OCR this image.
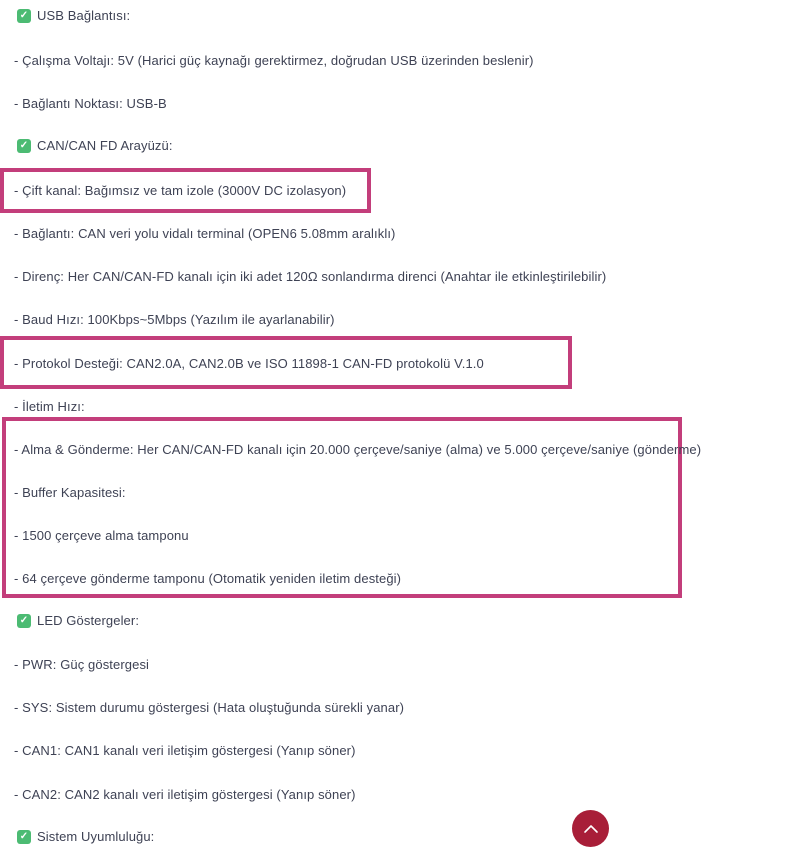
✓ USB Bağlantısı:
- Çalışma Voltajı: 5V (Harici güç kaynağı gerektirmez, doğrudan USB üzerinden beslenir)
- Bağlantı Noktası: USB-B
✓ CAN/CAN FD Arayüzü:
- Çift kanal: Bağımsız ve tam izole (3000V DC izolasyon)
- Bağlantı: CAN veri yolu vidalı terminal (OPEN6 5.08mm aralıklı)
- Direnç: Her CAN/CAN-FD kanalı için iki adet 120Ω sonlandırma direnci (Anahtar ile etkinleştirilebilir)
- Baud Hızı: 100Kbps~5Mbps (Yazılım ile ayarlanabilir)
- Protokol Desteği: CAN2.0A, CAN2.0B ve ISO 11898-1 CAN-FD protokolü V.1.0
- İletim Hızı:
- Alma & Gönderme: Her CAN/CAN-FD kanalı için 20.000 çerçeve/saniye (alma) ve 5.000 çerçeve/saniye (gönderme)
- Buffer Kapasitesi:
- 1500 çerçeve alma tamponu
- 64 çerçeve gönderme tamponu (Otomatik yeniden iletim desteği)
✓ LED Göstergeler:
- PWR: Güç göstergesi
- SYS: Sistem durumu göstergesi (Hata oluştuğunda sürekli yanar)
- CAN1: CAN1 kanalı veri iletişim göstergesi (Yanıp söner)
- CAN2: CAN2 kanalı veri iletişim göstergesi (Yanıp söner)
✓ Sistem Uyumluluğu:
